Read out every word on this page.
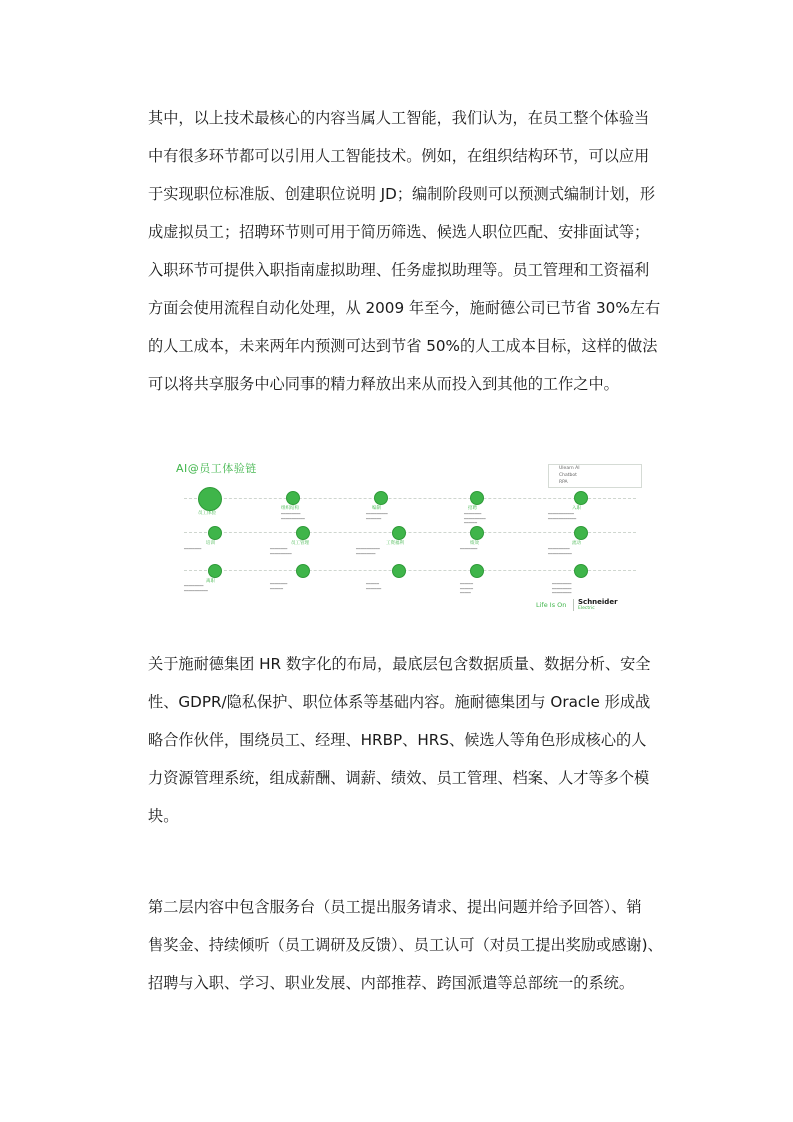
其中，以上技术最核心的内容当属人工智能，我们认为，在员工整个体验当
中有很多环节都可以引用人工智能技术。例如，在组织结构环节，可以应用
于实现职位标准版、创建职位说明 JD；编制阶段则可以预测式编制计划，形
成虚拟员工；招聘环节则可用于简历筛选、候选人职位匹配、安排面试等；
入职环节可提供入职指南虚拟助理、任务虚拟助理等。员工管理和工资福利
方面会使用流程自动化处理，从 2009 年至今，施耐德公司已节省 30%左右
的人工成本，未来两年内预测可达到节省 50%的人工成本目标，这样的做法
可以将共享服务中心同事的精力释放出来从而投入到其他的工作之中。
AI@员工体验链	Ulearn AI
Chatbot
RPA
员工体验
组织结构
━━━━━━━━━
━━━━━━━━━━━
编制
━━━━━━━━━━
━━━━━━━
招聘
━━━━━━━━
━━━━━━━━━━
━━━━━━
入职
━━━━━━━━━━━━
━━━━━━━━━━━━━
培训
━━━━━━━━
员工管理
━━━━━━━━
━━━━━━━━━━
工资福利
━━━━━━━━━━━
━━━━━━━━━
绩效
━━━━━━━━
流动
━━━━━━━━━━
━━━━━━━━━━━
离职
━━━━━━━━━
━━━━━━━━━━━
━━━━━━━━
━━━━━━
━━━━━━
━━━━━━━
━━━━━━
━━━━━━
━━━━━
━━━━━━━━━
━━━━━━━━━
━━━━━━━━━
Life Is On Schneider
Electric
关于施耐德集团 HR 数字化的布局，最底层包含数据质量、数据分析、安全
性、GDPR/隐私保护、职位体系等基础内容。施耐德集团与 Oracle 形成战
略合作伙伴，围绕员工、经理、HRBP、HRS、候选人等角色形成核心的人
力资源管理系统，组成薪酬、调薪、绩效、员工管理、档案、人才等多个模
块。
第二层内容中包含服务台（员工提出服务请求、提出问题并给予回答）、销
售奖金、持续倾听（员工调研及反馈）、员工认可（对员工提出奖励或感谢)、
招聘与入职、学习、职业发展、内部推荐、跨国派遣等总部统一的系统。
